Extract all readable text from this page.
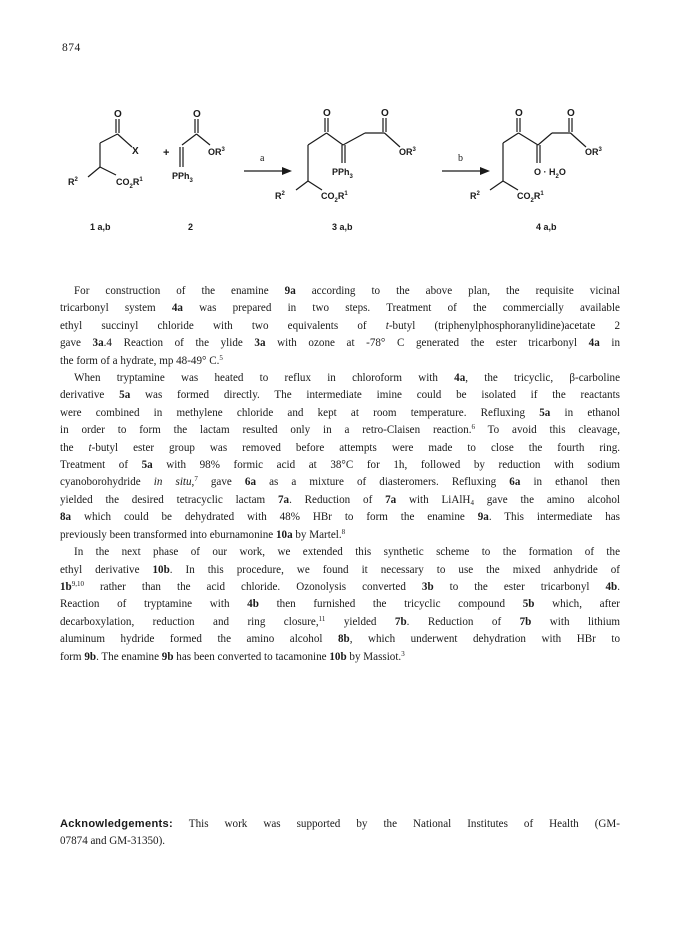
874
O
X
$R^2$	$CO_2R^1$
+
O
$OR^3$
PPh$_3$
a
O	O
$OR^3$
PPh$_3$
$R^2$	$CO_2R^1$
b
O	O
$OR^3$
$O \cdot H_2O$
$R^2$	$CO_2R^1$
1 a,b	2	3 a,b	4 a,b

For construction of the enamine 9a according to the above plan, the requisite vicinal
tricarbonyl system 4a was prepared in two steps. Treatment of the commercially available
ethyl succinyl chloride with two equivalents of t-butyl (triphenylphosphoranylidine)acetate 2
gave 3a.4 Reaction of the ylide 3a with ozone at -78° C generated the ester tricarbonyl 4a in
the form of a hydrate, mp 48-49° C.$^5$

When tryptamine was heated to reflux in chloroform with 4a, the tricyclic, β-carboline
derivative 5a was formed directly. The intermediate imine could be isolated if the reactants
were combined in methylene chloride and kept at room temperature. Refluxing 5a in ethanol
in order to form the lactam resulted only in a retro-Claisen reaction.$^6$ To avoid this cleavage,
the t-butyl ester group was removed before attempts were made to close the fourth ring.
Treatment of 5a with 98% formic acid at 38°C for 1h, followed by reduction with sodium
cyanoborohydride in situ,$^7$ gave 6a as a mixture of diasteromers. Refluxing 6a in ethanol then
yielded the desired tetracyclic lactam 7a. Reduction of 7a with LiAlH$_4$ gave the amino alcohol
8a which could be dehydrated with 48% HBr to form the enamine 9a. This intermediate has
previously been transformed into eburnamonine 10a by Martel.$^8$

In the next phase of our work, we extended this synthetic scheme to the formation of the
ethyl derivative 10b. In this procedure, we found it necessary to use the mixed anhydride of
$1b^{9,10}$ rather than the acid chloride. Ozonolysis converted 3b to the ester tricarbonyl 4b.
Reaction of tryptamine with 4b then furnished the tricyclic compound 5b which, after
decarboxylation, reduction and ring closure,$^{11}$ yielded 7b. Reduction of 7b with lithium
aluminum hydride formed the amino alcohol 8b, which underwent dehydration with HBr to
form 9b. The enamine 9b has been converted to tacamonine 10b by Massiot.$^3$

Acknowledgements: This work was supported by the National Institutes of Health (GM-
07874 and GM-31350).
